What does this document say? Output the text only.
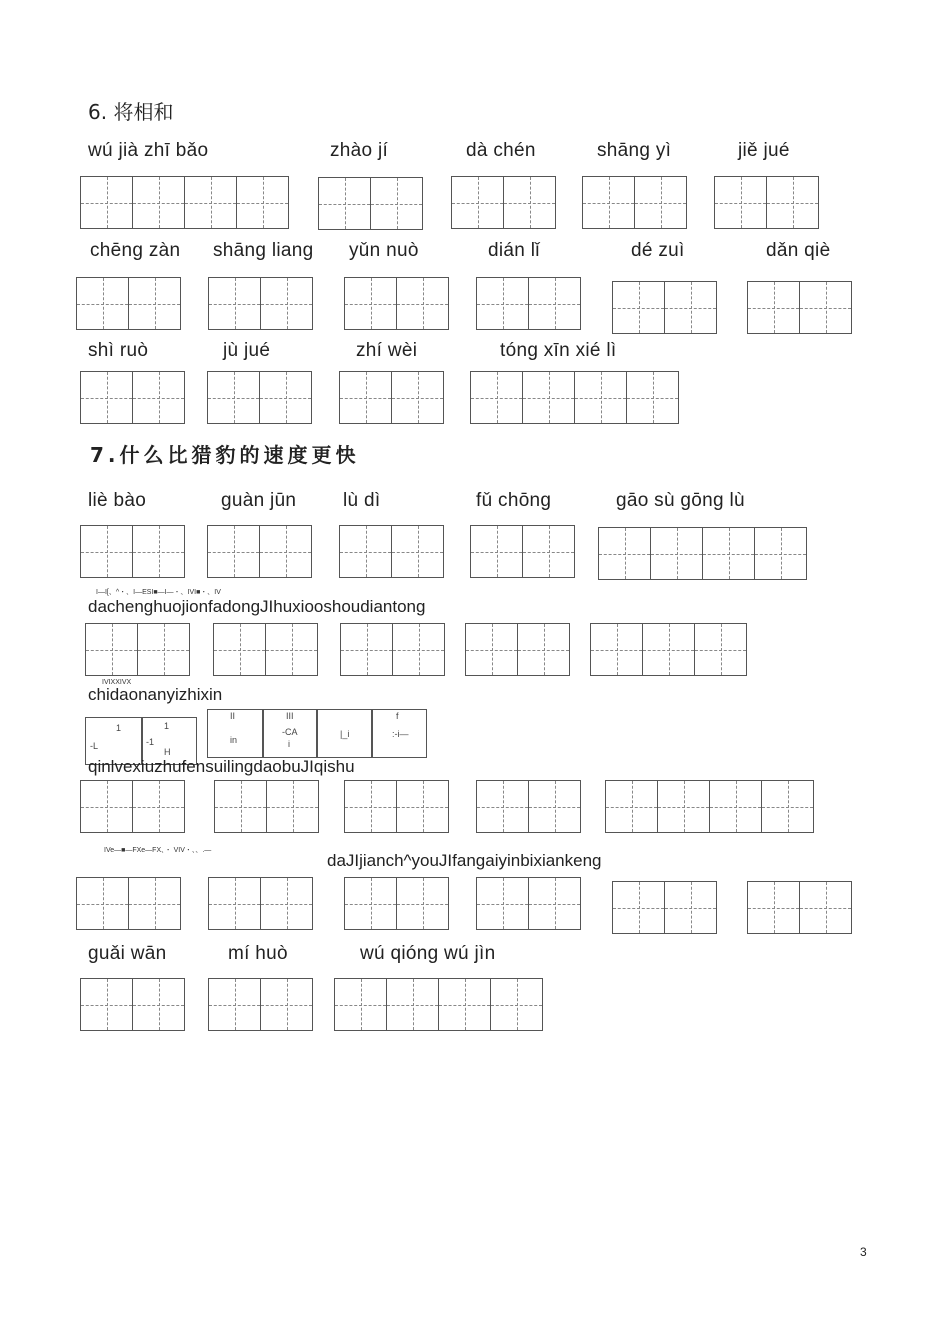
6. 将相和
wú jià zhī bǎo	zhào jí	dà chén	shāng yì	jiě jué
chēng zàn shāng liang yǔn nuò	dián lǐ	dé zuì	dǎn qiè
shì ruò	jù jué	zhí wèi	tóng xīn xié lì
7.什么比猎豹的速度更快
liè bào	guàn jūn lù dì	fǔ chōng	gāo sù gōng lù
I—I[、^・、I—ESI■—I—・、IVI■・、IV
dachenghuojionfadongJIhuxiooshoudiantong
IVIXXIVX
chidaonanyizhixin
1
-L
1
-1
H
II
in
III
-CA
i
|_i
f
:-i—
qinlvexiuzhufensuilingdaobuJIqishu
IVe—■—FXe—FX、・ VIV・、、.—
daJIjianch^youJIfangaiyinbixiankeng
guǎi wān	mí huò	wú qióng wú jìn
3
